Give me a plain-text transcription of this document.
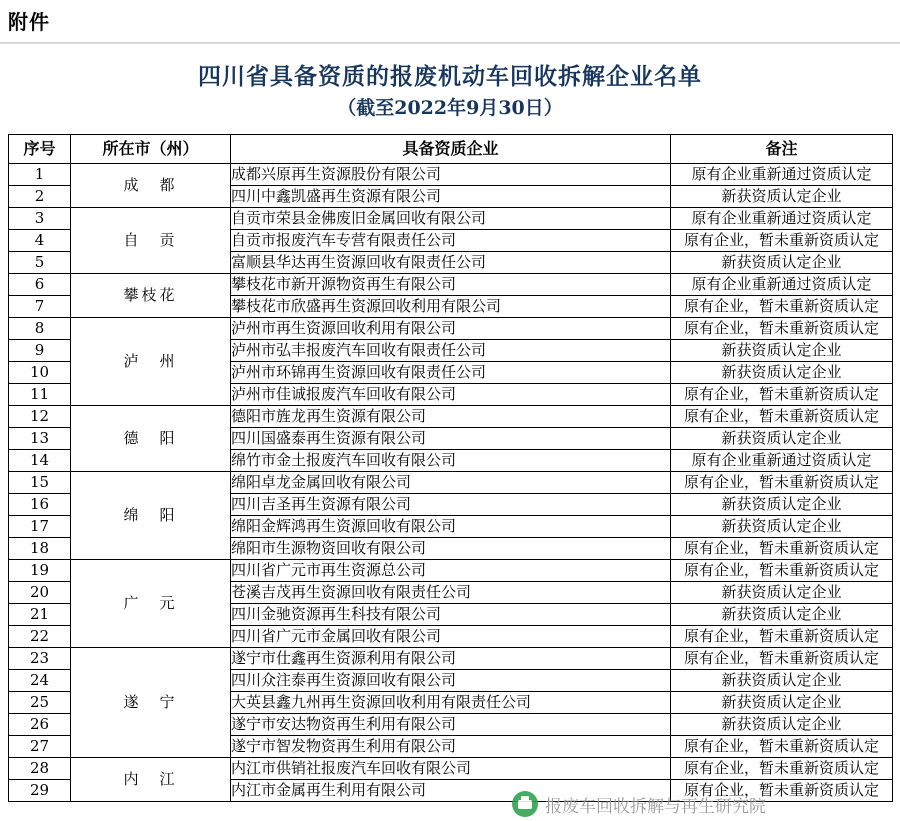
附件
四川省具备资质的报废机动车回收拆解企业名单
（截至2022年9月30日）
序号	所在市（州）	具备资质企业	备注
1	成　都	成都兴原再生资源股份有限公司	原有企业重新通过资质认定
2		四川中鑫凯盛再生资源有限公司	新获资质认定企业
3	自　贡	自贡市荣县金佛废旧金属回收有限公司	原有企业重新通过资质认定
4		自贡市报废汽车专营有限责任公司	原有企业，暂未重新资质认定
5		富顺县华达再生资源回收有限责任公司	新获资质认定企业
6	攀枝花	攀枝花市新开源物资再生有限公司	原有企业重新通过资质认定
7		攀枝花市欣盛再生资源回收利用有限公司	原有企业，暂未重新资质认定
8	泸　州	泸州市再生资源回收利用有限公司	原有企业，暂未重新资质认定
9		泸州市弘丰报废汽车回收有限责任公司	新获资质认定企业
10		泸州市环锦再生资源回收有限责任公司	新获资质认定企业
11		泸州市佳诚报废汽车回收有限公司	原有企业，暂未重新资质认定
12	德　阳	德阳市旌龙再生资源有限公司	原有企业，暂未重新资质认定
13		四川国盛泰再生资源有限公司	新获资质认定企业
14		绵竹市金土报废汽车回收有限公司	原有企业重新通过资质认定
15	绵　阳	绵阳卓龙金属回收有限公司	原有企业，暂未重新资质认定
16		四川吉圣再生资源有限公司	新获资质认定企业
17		绵阳金辉鸿再生资源回收有限公司	新获资质认定企业
18		绵阳市生源物资回收有限公司	原有企业，暂未重新资质认定
19	广　元	四川省广元市再生资源总公司	原有企业，暂未重新资质认定
20		苍溪吉茂再生资源回收有限责任公司	新获资质认定企业
21		四川金驰资源再生科技有限公司	新获资质认定企业
22		四川省广元市金属回收有限公司	原有企业，暂未重新资质认定
23	遂　宁	遂宁市仕鑫再生资源利用有限公司	原有企业，暂未重新资质认定
24		四川众注泰再生资源回收有限公司	新获资质认定企业
25		大英县鑫九州再生资源回收利用有限责任公司	新获资质认定企业
26		遂宁市安达物资再生利用有限公司	新获资质认定企业
27		遂宁市智发物资再生利用有限公司	原有企业，暂未重新资质认定
28	内　江	内江市供销社报废汽车回收有限公司	原有企业，暂未重新资质认定
29		内江市金属再生利用有限公司	原有企业，暂未重新资质认定
报废车回收拆解与再生研究院
